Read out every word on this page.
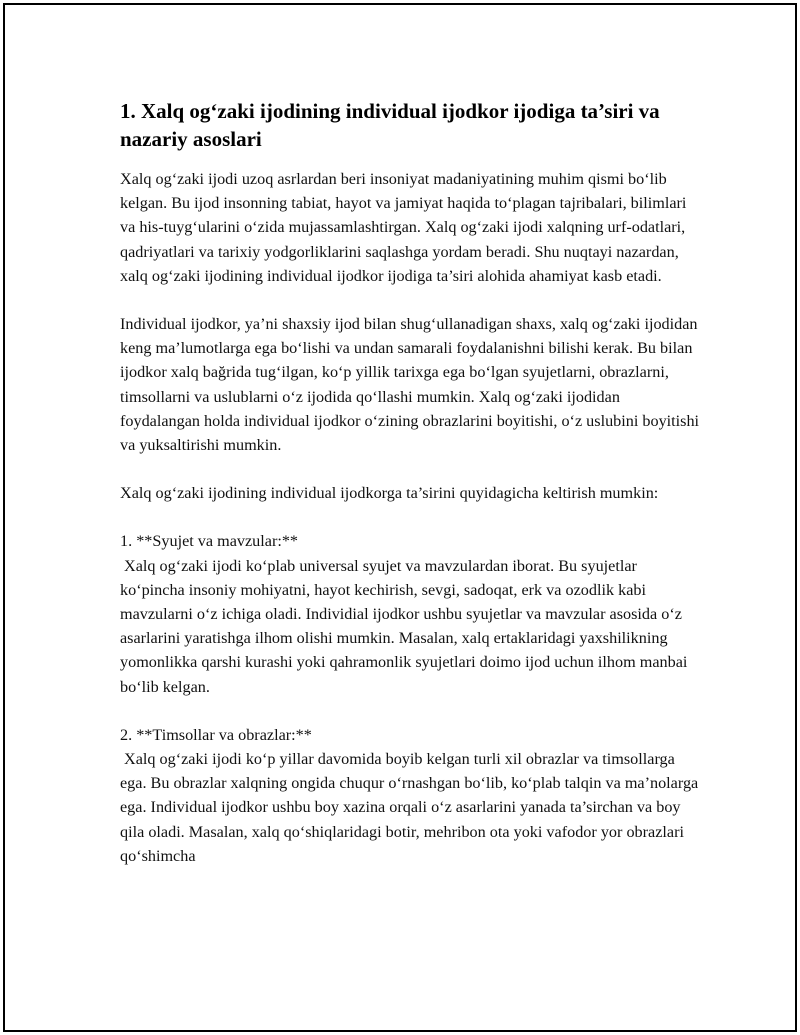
1. Xalq og‘zaki ijodining individual ijodkor ijodiga ta’siri va nazariy asoslari

Xalq og‘zaki ijodi uzoq asrlardan beri insoniyat madaniyatining muhim qismi bo‘lib kelgan. Bu ijod insonning tabiat, hayot va jamiyat haqida to‘plagan tajribalari, bilimlari va his-tuyg‘ularini o‘zida mujassamlashtirgan. Xalq og‘zaki ijodi xalqning urf-odatlari, qadriyatlari va tarixiy yodgorliklarini saqlashga yordam beradi. Shu nuqtayi nazardan, xalq og‘zaki ijodining individual ijodkor ijodiga ta’siri alohida ahamiyat kasb etadi.

Individual ijodkor, ya’ni shaxsiy ijod bilan shug‘ullanadigan shaxs, xalq og‘zaki ijodidan keng ma’lumotlarga ega bo‘lishi va undan samarali foydalanishni bilishi kerak. Bu bilan ijodkor xalq bağrida tug‘ilgan, ko‘p yillik tarixga ega bo‘lgan syujetlarni, obrazlarni, timsollarni va uslublarni o‘z ijodida qo‘llashi mumkin. Xalq og‘zaki ijodidan foydalangan holda individual ijodkor o‘zining obrazlarini boyitishi, o‘z uslubini boyitishi va yuksaltirishi mumkin.

Xalq og‘zaki ijodining individual ijodkorga ta’sirini quyidagicha keltirish mumkin:

1. **Syujet va mavzular:**
Xalq og‘zaki ijodi ko‘plab universal syujet va mavzulardan iborat. Bu syujetlar ko‘pincha insoniy mohiyatni, hayot kechirish, sevgi, sadoqat, erk va ozodlik kabi mavzularni o‘z ichiga oladi. Individial ijodkor ushbu syujetlar va mavzular asosida o‘z asarlarini yaratishga ilhom olishi mumkin. Masalan, xalq ertaklaridagi yaxshilikning yomonlikka qarshi kurashi yoki qahramonlik syujetlari doimo ijod uchun ilhom manbai bo‘lib kelgan.
2. **Timsollar va obrazlar:**
Xalq og‘zaki ijodi ko‘p yillar davomida boyib kelgan turli xil obrazlar va timsollarga ega. Bu obrazlar xalqning ongida chuqur o‘rnashgan bo‘lib, ko‘plab talqin va ma’nolarga ega. Individual ijodkor ushbu boy xazina orqali o‘z asarlarini yanada ta’sirchan va boy qila oladi. Masalan, xalq qo‘shiqlaridagi botir, mehribon ota yoki vafodor yor obrazlari qo‘shimcha
